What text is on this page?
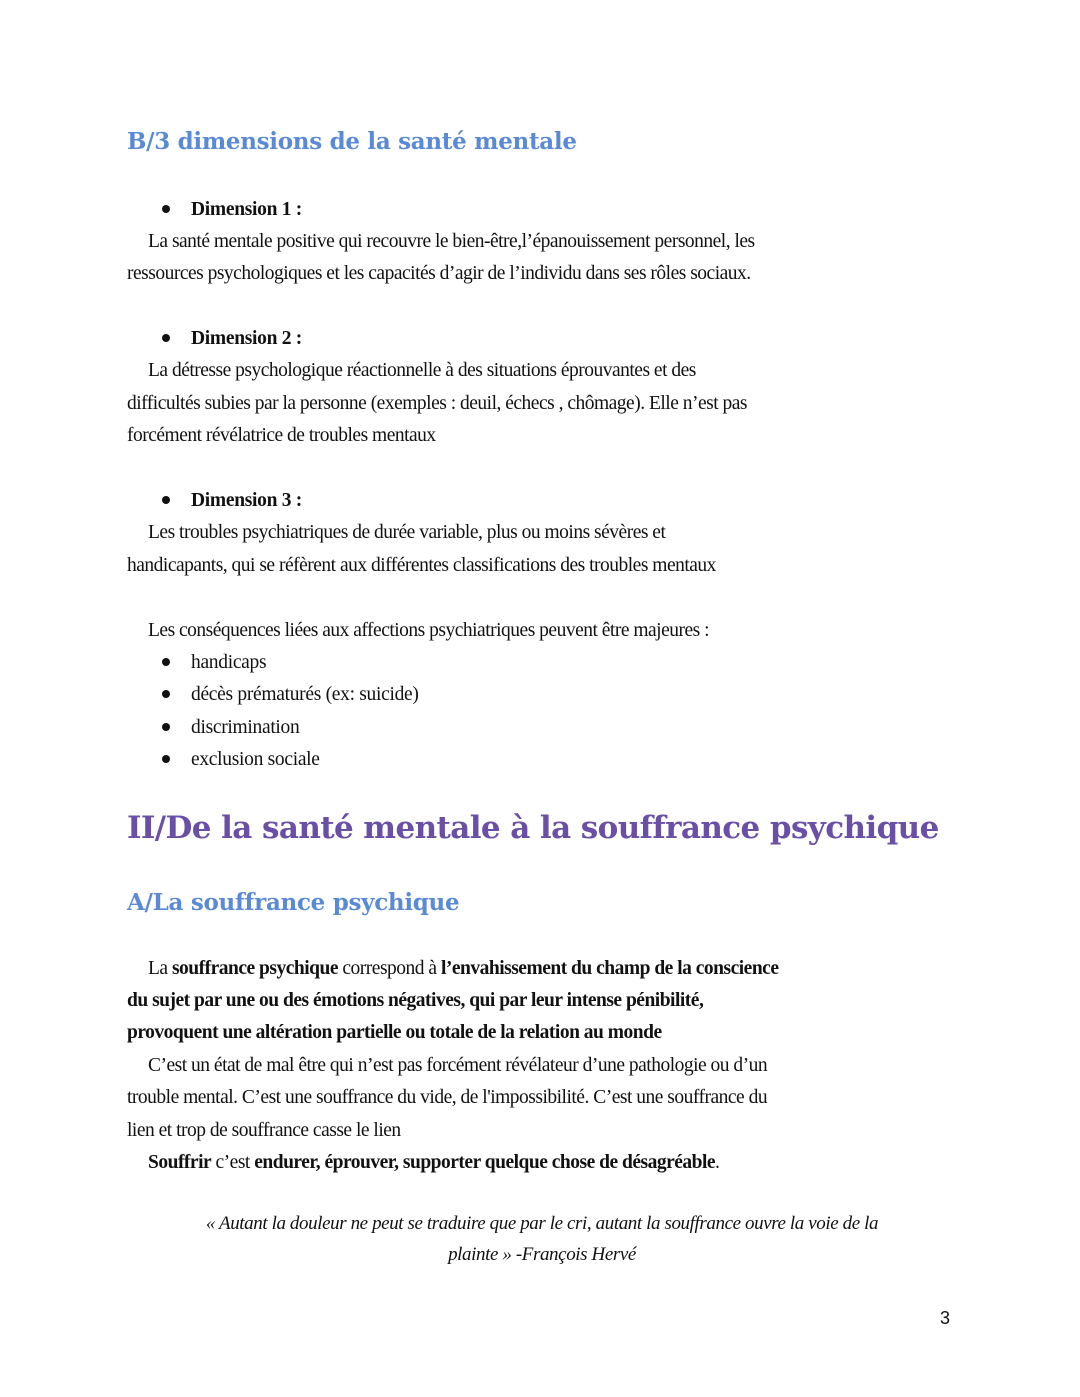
B/3 dimensions de la santé mentale
Dimension 1 :
La santé mentale positive qui recouvre le bien-être,l’épanouissement personnel, les
ressources psychologiques et les capacités d’agir de l’individu dans ses rôles sociaux.
Dimension 2 :
La détresse psychologique réactionnelle à des situations éprouvantes et des
difficultés subies par la personne (exemples : deuil, échecs , chômage). Elle n’est pas
forcément révélatrice de troubles mentaux
Dimension 3 :
Les troubles psychiatriques de durée variable, plus ou moins sévères et
handicapants, qui se réfèrent aux différentes classifications des troubles mentaux
Les conséquences liées aux affections psychiatriques peuvent être majeures :
handicaps
décès prématurés (ex: suicide)
discrimination
exclusion sociale
II/De la santé mentale à la souffrance psychique
A/La souffrance psychique
La souffrance psychique correspond à l’envahissement du champ de la conscience
du sujet par une ou des émotions négatives, qui par leur intense pénibilité,
provoquent une altération partielle ou totale de la relation au monde
C’est un état de mal être qui n’est pas forcément révélateur d’une pathologie ou d’un
trouble mental. C’est une souffrance du vide, de l'impossibilité. C’est une souffrance du
lien et trop de souffrance casse le lien
Souffrir c’est endurer, éprouver, supporter quelque chose de désagréable.
« Autant la douleur ne peut se traduire que par le cri, autant la souffrance ouvre la voie de la
plainte » -François Hervé
3
